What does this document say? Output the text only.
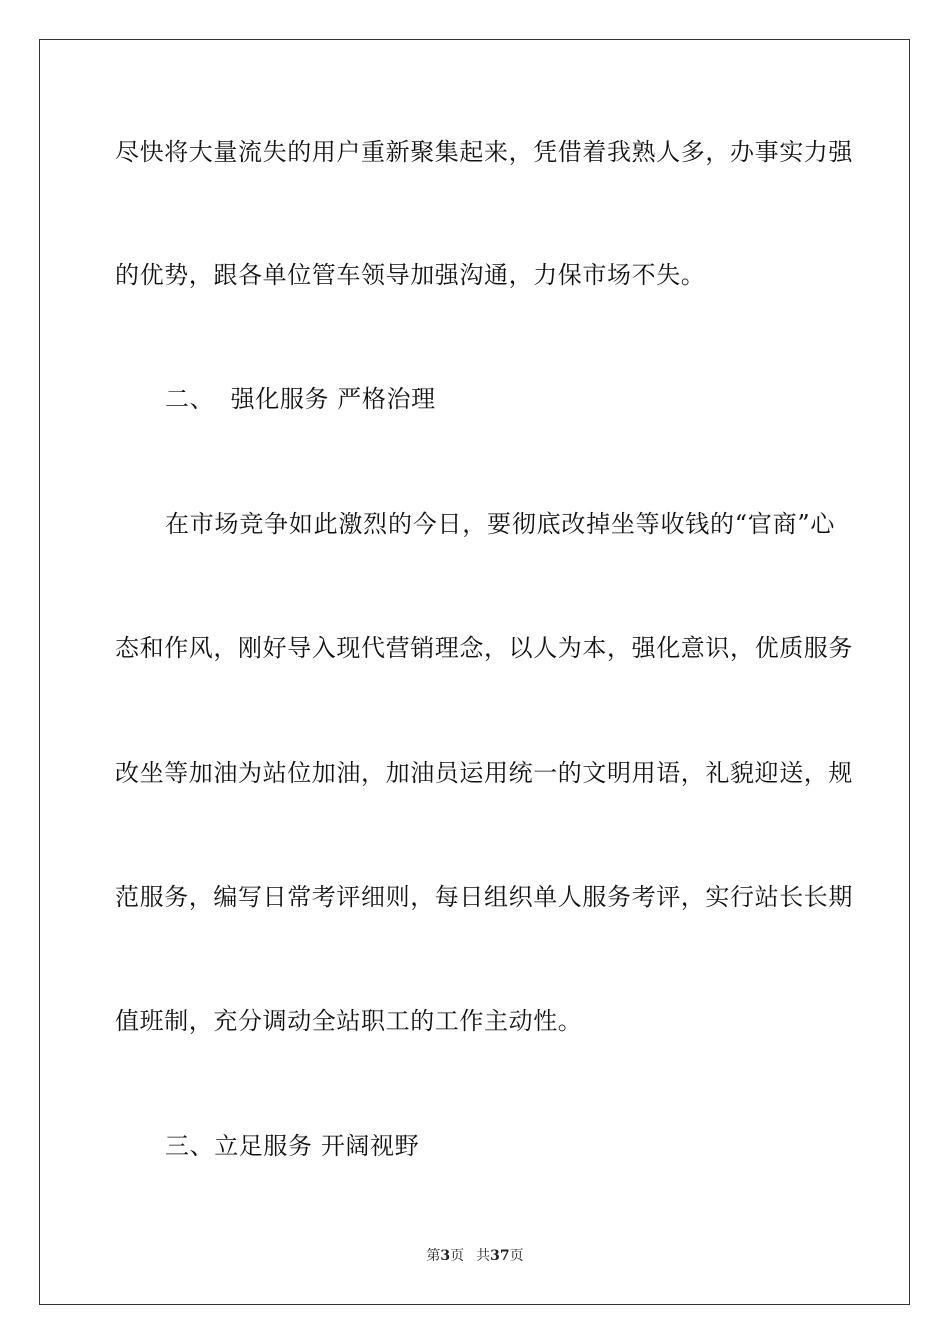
尽快将大量流失的用户重新聚集起来，凭借着我熟人多，办事实力强
的优势，跟各单位管车领导加强沟通，力保市场不失。
二、  强化服务 严格治理
在市场竞争如此激烈的今日，要彻底改掉坐等收钱的“官商”心
态和作风，刚好导入现代营销理念，以人为本，强化意识，优质服务
改坐等加油为站位加油，加油员运用统一的文明用语，礼貌迎送，规
范服务，编写日常考评细则，每日组织单人服务考评，实行站长长期
值班制，充分调动全站职工的工作主动性。
三、立足服务 开阔视野
第3页 共37页
